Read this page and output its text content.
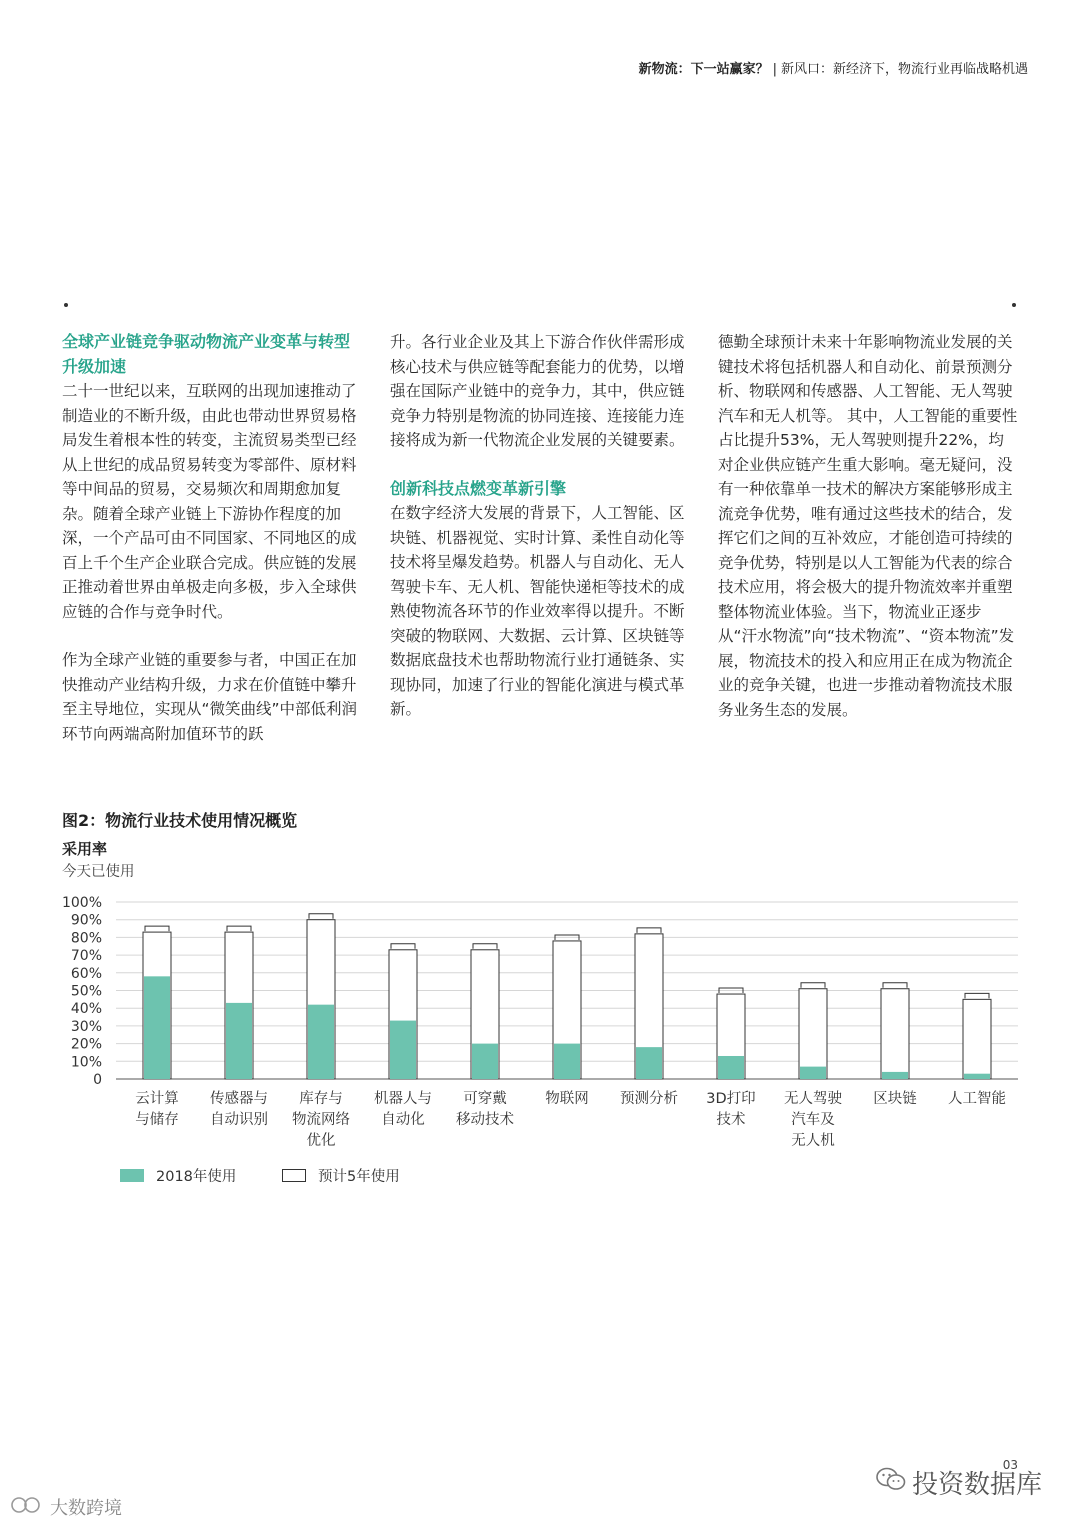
新物流：下一站赢家？ | 新风口：新经济下，物流行业再临战略机遇
全球产业链竞争驱动物流产业变革与转型升级加速

二十一世纪以来，互联网的出现加速推动了制造业的不断升级，由此也带动世界贸易格局发生着根本性的转变，主流贸易类型已经从上世纪的成品贸易转变为零部件、原材料等中间品的贸易，交易频次和周期愈加复杂。随着全球产业链上下游协作程度的加深，一个产品可由不同国家、不同地区的成百上千个生产企业联合完成。供应链的发展正推动着世界由单极走向多极，步入全球供应链的合作与竞争时代。

作为全球产业链的重要参与者，中国正在加快推动产业结构升级，力求在价值链中攀升至主导地位，实现从“微笑曲线”中部低利润环节向两端高附加值环节的跃

升。各行业企业及其上下游合作伙伴需形成核心技术与供应链等配套能力的优势，以增强在国际产业链中的竞争力，其中，供应链竞争力特别是物流的协同连接、连接能力连接将成为新一代物流企业发展的关键要素。

创新科技点燃变革新引擎

在数字经济大发展的背景下，人工智能、区块链、机器视觉、实时计算、柔性自动化等技术将呈爆发趋势。机器人与自动化、无人驾驶卡车、无人机、智能快递柜等技术的成熟使物流各环节的作业效率得以提升。不断突破的物联网、大数据、云计算、区块链等数据底盘技术也帮助物流行业打通链条、实现协同，加速了行业的智能化演进与模式革新。

德勤全球预计未来十年影响物流业发展的关键技术将包括机器人和自动化、前景预测分析、物联网和传感器、人工智能、无人驾驶汽车和无人机等。 其中，人工智能的重要性占比提升53%，无人驾驶则提升22%，均对企业供应链产生重大影响。毫无疑问，没有一种依靠单一技术的解决方案能够形成主流竞争优势，唯有通过这些技术的结合，发挥它们之间的互补效应，才能创造可持续的竞争优势，特别是以人工智能为代表的综合技术应用，将会极大的提升物流效率并重塑整体物流业体验。当下，物流业正逐步从“汗水物流”向“技术物流”、“资本物流”发展，物流技术的投入和应用正在成为物流企业的竞争关键，也进一步推动着物流技术服务业务生态的发展。

图2：物流行业技术使用情况概览
采用率
今天已使用
0
10%
20%
30%
40%
50%
60%
70%
80%
90%
100%
云计算
与储存
传感器与
自动识别
库存与
物流网络
优化
机器人与
自动化
可穿戴
移动技术
物联网 预测分析 3D打印
技术
无人驾驶
汽车及
无人机
区块链 人工智能
2018年使用	预计5年使用
03
投资数据库
大数跨境
